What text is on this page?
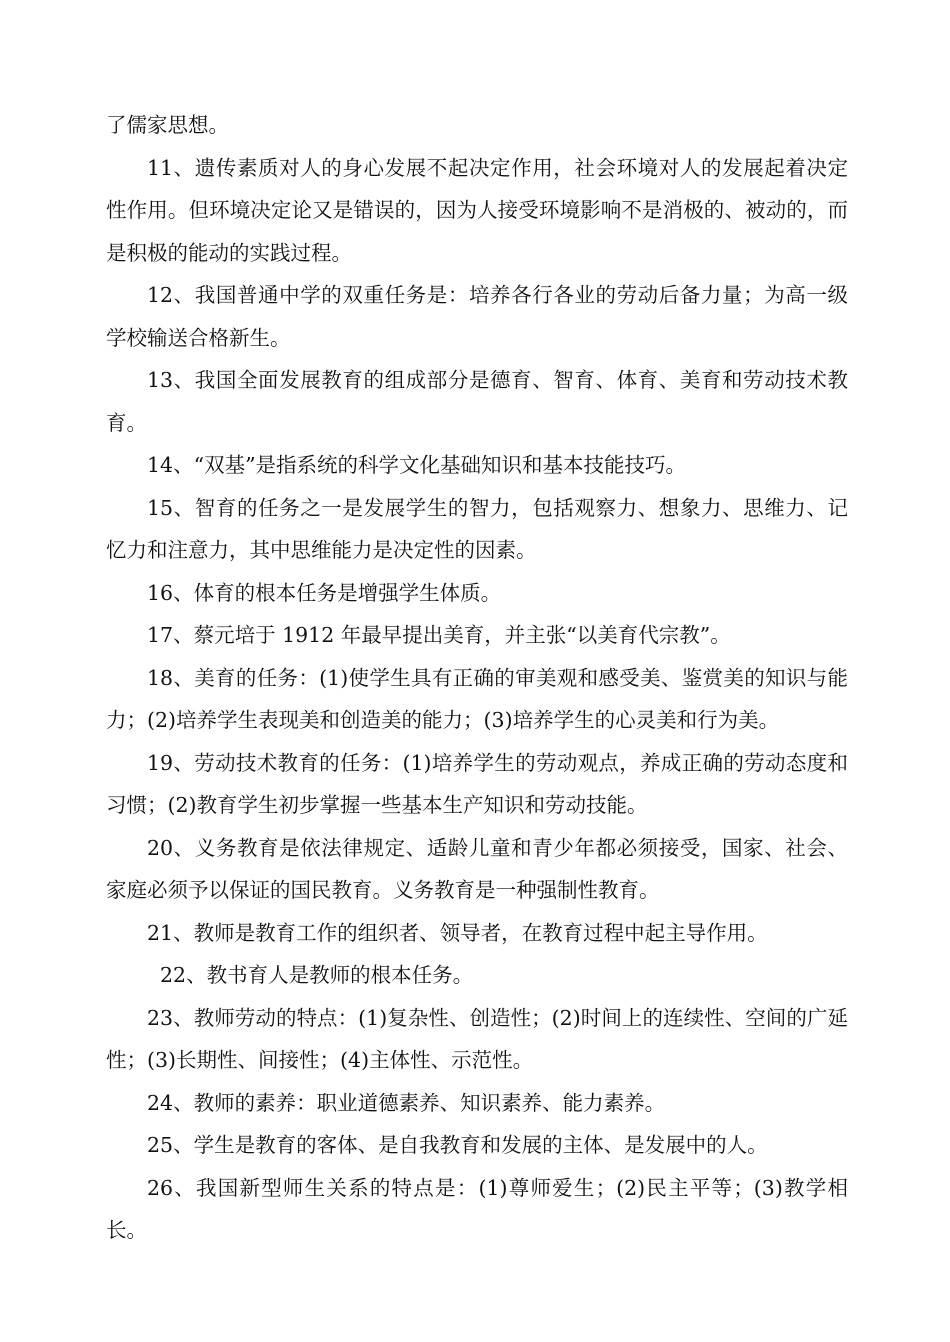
了儒家思想。

11、遗传素质对人的身心发展不起决定作用，社会环境对人的发展起着决定性作用。但环境决定论又是错误的，因为人接受环境影响不是消极的、被动的，而是积极的能动的实践过程。

12、我国普通中学的双重任务是：培养各行各业的劳动后备力量；为高一级学校输送合格新生。

13、我国全面发展教育的组成部分是德育、智育、体育、美育和劳动技术教育。

14、“双基”是指系统的科学文化基础知识和基本技能技巧。

15、智育的任务之一是发展学生的智力，包括观察力、想象力、思维力、记忆力和注意力，其中思维能力是决定性的因素。

16、体育的根本任务是增强学生体质。

17、蔡元培于 1912 年最早提出美育，并主张“以美育代宗教”。

18、美育的任务：(1)使学生具有正确的审美观和感受美、鉴赏美的知识与能力；(2)培养学生表现美和创造美的能力；(3)培养学生的心灵美和行为美。

19、劳动技术教育的任务：(1)培养学生的劳动观点，养成正确的劳动态度和习惯；(2)教育学生初步掌握一些基本生产知识和劳动技能。

20、义务教育是依法律规定、适龄儿童和青少年都必须接受，国家、社会、家庭必须予以保证的国民教育。义务教育是一种强制性教育。

21、教师是教育工作的组织者、领导者，在教育过程中起主导作用。

22、教书育人是教师的根本任务。

23、教师劳动的特点：(1)复杂性、创造性；(2)时间上的连续性、空间的广延性；(3)长期性、间接性；(4)主体性、示范性。

24、教师的素养：职业道德素养、知识素养、能力素养。

25、学生是教育的客体、是自我教育和发展的主体、是发展中的人。

26、我国新型师生关系的特点是：(1)尊师爱生；(2)民主平等；(3)教学相长。
